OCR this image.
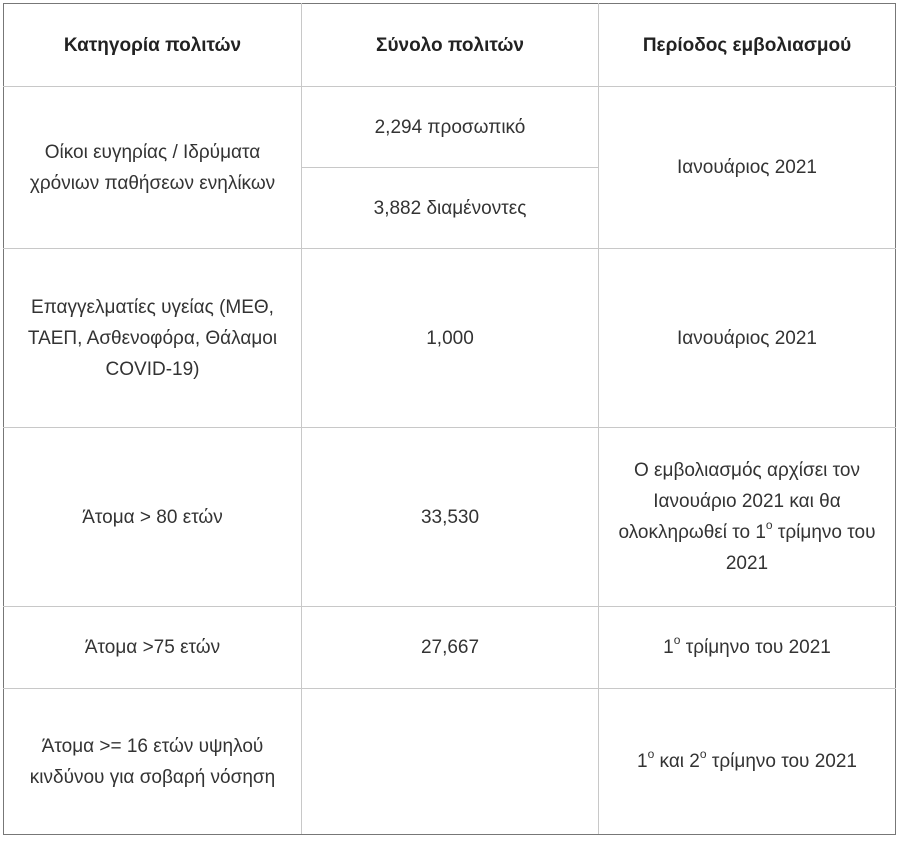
Κατηγορία πολιτών	Σύνολο πολιτών	Περίοδος εμβολιασμού
Οίκοι ευγηρίας / Ιδρύματα χρόνιων παθήσεων ενηλίκων	2,294 προσωπικό	Ιανουάριος 2021
	3,882 διαμένοντες	
Επαγγελματίες υγείας (ΜΕΘ, ΤΑΕΠ, Ασθενοφόρα, Θάλαμοι COVID-19)	1,000	Ιανουάριος 2021
Άτομα > 80 ετών	33,530	Ο εμβολιασμός αρχίσει τον Ιανουάριο 2021 και θα ολοκληρωθεί το $1^o$ τρίμηνο του 2021
Άτομα >75 ετών	27,667	$1^o$ τρίμηνο του 2021
Άτομα >= 16 ετών υψηλού κινδύνου για σοβαρή νόσηση		$1^o$ και $2^o$ τρίμηνο του 2021
